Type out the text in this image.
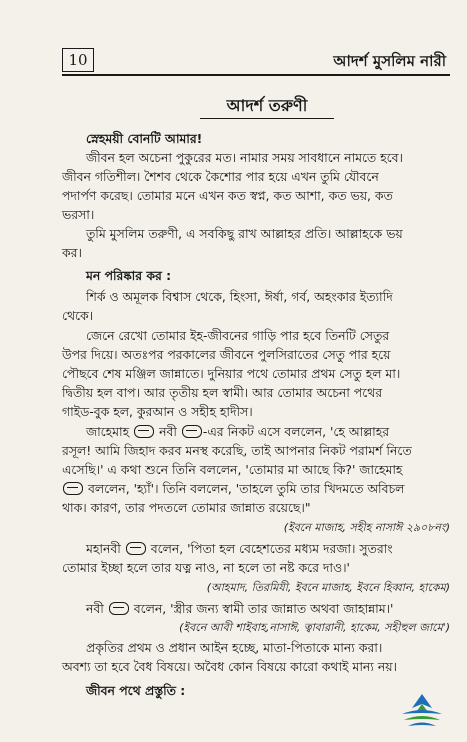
10	আদর্শ মুসলিম নারী
আদর্শ তরুণী
স্নেহময়ী বোনটি আমার!
জীবন হল অচেনা পুকুরের মত। নামার সময় সাবধানে নামতে হবে।
জীবন গতিশীল। শৈশব থেকে কৈশোর পার হয়ে এখন তুমি যৌবনে
পদার্পণ করেছ। তোমার মনে এখন কত স্বপ্ন, কত আশা, কত ভয়, কত
ভরসা।
তুমি মুসলিম তরুণী, এ সবকিছু রাখ আল্লাহর প্রতি। আল্লাহকে ভয়
কর।
মন পরিষ্কার কর :
শির্ক ও অমূলক বিশ্বাস থেকে, হিংসা, ঈর্ষা, গর্ব, অহংকার ইত্যাদি
থেকে।
জেনে রেখো তোমার ইহ-জীবনের গাড়ি পার হবে তিনটি সেতুর
উপর দিয়ে। অতঃপর পরকালের জীবনে পুলসিরাতের সেতু পার হয়ে
পৌছবে শেষ মঞ্জিল জান্নাতে। দুনিয়ার পথে তোমার প্রথম সেতু হল মা।
দ্বিতীয় হল বাপ। আর তৃতীয় হল স্বামী। আর তোমার অচেনা পথের
গাইড-বুক হল, কুরআন ও সহীহ হাদীস।
জাহেমাহ নবী -এর নিকট এসে বললেন, 'হে আল্লাহর
রসূল! আমি জিহাদ করব মনস্থ করেছি, তাই আপনার নিকট পরামর্শ নিতে
এসেছি।' এ কথা শুনে তিনি বললেন, 'তোমার মা আছে কি?' জাহেমাহ
বললেন, 'হ্যাঁ'। তিনি বললেন, 'তাহলে তুমি তার খিদমতে অবিচল
থাক। কারণ, তার পদতলে তোমার জান্নাত রয়েছে।"
(ইবনে মাজাহ, সহীহ নাসাঈ ২৯০৮নং)
মহানবী বলেন, 'পিতা হল বেহেশতের মধ্যম দরজা। সুতরাং
তোমার ইচ্ছা হলে তার যত্ন নাও, না হলে তা নষ্ট করে দাও।'
(আহমাদ, তিরমিযী, ইবনে মাজাহ, ইবনে হিব্বান, হাকেম)
নবী বলেন, 'স্ত্রীর জন্য স্বামী তার জান্নাত অথবা জাহান্নাম।'
(ইবনে আবী শাইবাহ,নাসাঈ, ত্বাবারানী, হাকেম, সহীহুল জামে')
প্রকৃতির প্রথম ও প্রধান আইন হচ্ছে, মাতা-পিতাকে মান্য করা।
অবশ্য তা হবে বৈধ বিষয়ে। অবৈধ কোন বিষয়ে কারো কথাই মান্য নয়।
জীবন পথে প্রস্তুতি :
